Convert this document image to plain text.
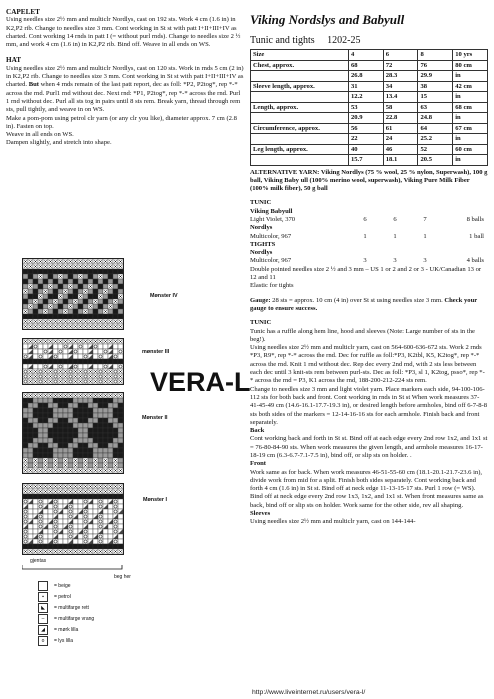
CAPELET

Using needles size 2½ mm and multiclr Nordlys, cast on 192 sts. Work 4 cm (1.6 in) in K2,P2 rib. Change to needles size 3 mm. Cont working in St st with patt I+II+III+IV as charted. Cont working 14 rnds in patt I (= without purl rnds). Change to needles size 2 ½ mm, and work 4 cm (1.6 in) in K2,P2 rib. Bind off. Weave in all ends on WS.

HAT

Using needles size 2½ mm and multiclr Nordlys, cast on 120 sts. Work in rnds 5 cm (2 in) in K2,P2 rib. Change to needles size 3 mm. Cont working in St st with patt I+II+III+IV as charted. But when 4 rnds remain of the last patt report, dec as foll: *P2, P2tog*, rep *-* across the rnd. Purl1 rnd without dec. Next rnd: *P1, P2tog*, rep *-* across the rnd. Purl 1 rnd without dec. Purl all sts tog in pairs until 8 sts rem. Break yarn, thread through rem sts, pull tightly, and weave in on WS.

Make a pom-pom using petrol clr yarn (or any clr you like), diameter approx. 7 cm (2.8 in). Fasten on top.

Weave in all ends on WS.

Dampen slightly, and stretch into shape.

Mønster IV
mønster III
Mønster II
Mønster I
gjentas
beg her
VERA-L
= beige
▪	= petrol
◣	= multifarge rett
–	= multifarge vrang
◢	= mørk lilla
o	= lys lilla

Viking Nordslys and Babyull

Tunic and tights 1202-25

Size	4	6	8	10 yrs
Chest, approx.	68	72	76	80 cm
	26.8	28.3	29.9	in
Sleeve length, approx.	31	34	38	42 cm
	12.2	13.4	15	in
Length, approx.	53	58	63	68 cm
	20.9	22.8	24.8	in
Circumference, approx.	56	61	64	67 cm
	22	24	25.2	in
Leg length, approx.	40	46	52	60 cm
	15.7	18.1	20.5	in

ALTERNATIVE YARN: Viking Nordlys (75 % wool, 25 % nylon, Superwash), 100 g ball, Viking Baby ull (100% merino wool, superwash), Viking Pure Milk Fiber (100% milk fiber), 50 g ball

TUNIC

Viking Babyull

Light Violet, 370	6	6	7	8 balls

Nordlys

Multicolor, 967	1	1	1	1 ball

TIGHTS

Nordlys

Multicolor, 967	3	3	3	4 balls

Double pointed needles size 2 ½ and 3 mm – US 1 or 2 and 2 or 3 - UK/Canadian 13 or 12 and 11

Elastic for tights

Gauge: 28 sts = approx. 10 cm (4 in) over St st using needles size 3 mm. Check your gauge to ensure success.

TUNIC

Tunic has a ruffle along hem line, hood and sleeves (Note: Large number of sts in the beg!).

Using needles size 2½ mm and multiclr yarn, cast on 564-600-636-672 sts. Work 2 rnds *P3, R9*, rep *-* across the rnd. Dec for ruffle as foll:*P3, K2tbl, K5, K2tog*, rep *-* across the rnd. Knit 1 rnd without dec. Rep dec every 2nd rnd, with 2 sts less between each dec until 3 knit-sts rem between purl-sts. Dec as foll: *P3, sl 1, K2tog, psso*, rep *-* across the rnd = P3, K1 across the rnd, 188-200-212-224 sts rem.

Change to needles size 3 mm and light violet yarn. Place markers each side, 94-100-106-112 sts for both back and front. Cont working in rnds in St st When work measures 37-41-45-49 cm (14.6-16.1-17.7-19.3 in), or desired length before armholes, bind off 6-7-8-8 sts both sides of the markers = 12-14-16-16 sts for each armhole. Finish back and front separately.

Back

Cont working back and forth in St st. Bind off at each edge every 2nd row 1x2, and 1x1 st = 76-80-84-90 sts. When work measures the given length, and armhole measures 16-17-18-19 cm (6.3-6.7-7.1-7.5 in), bind off, or slip sts on holder. .

Front

Work same as for back. When work measures 46-51-55-60 cm (18.1-20.1-21.7-23.6 in), divide work from mid for a split. Finish both sides separately. Cont working back and forth 4 cm (1.6 in) in St st. Bind off at neck edge 11-13-15-17 sts. Purl 1 row (= WS). Bind off at neck edge every 2nd row 1x3, 1x2, and 1x1 st. When front measures same as back, bind off or slip sts on holder. Work same for the other side, rev all shaping.

Sleeves

Using needles size 2½ mm and multiclr yarn, cast on 144-144-

http://www.liveinternet.ru/users/vera-l/
